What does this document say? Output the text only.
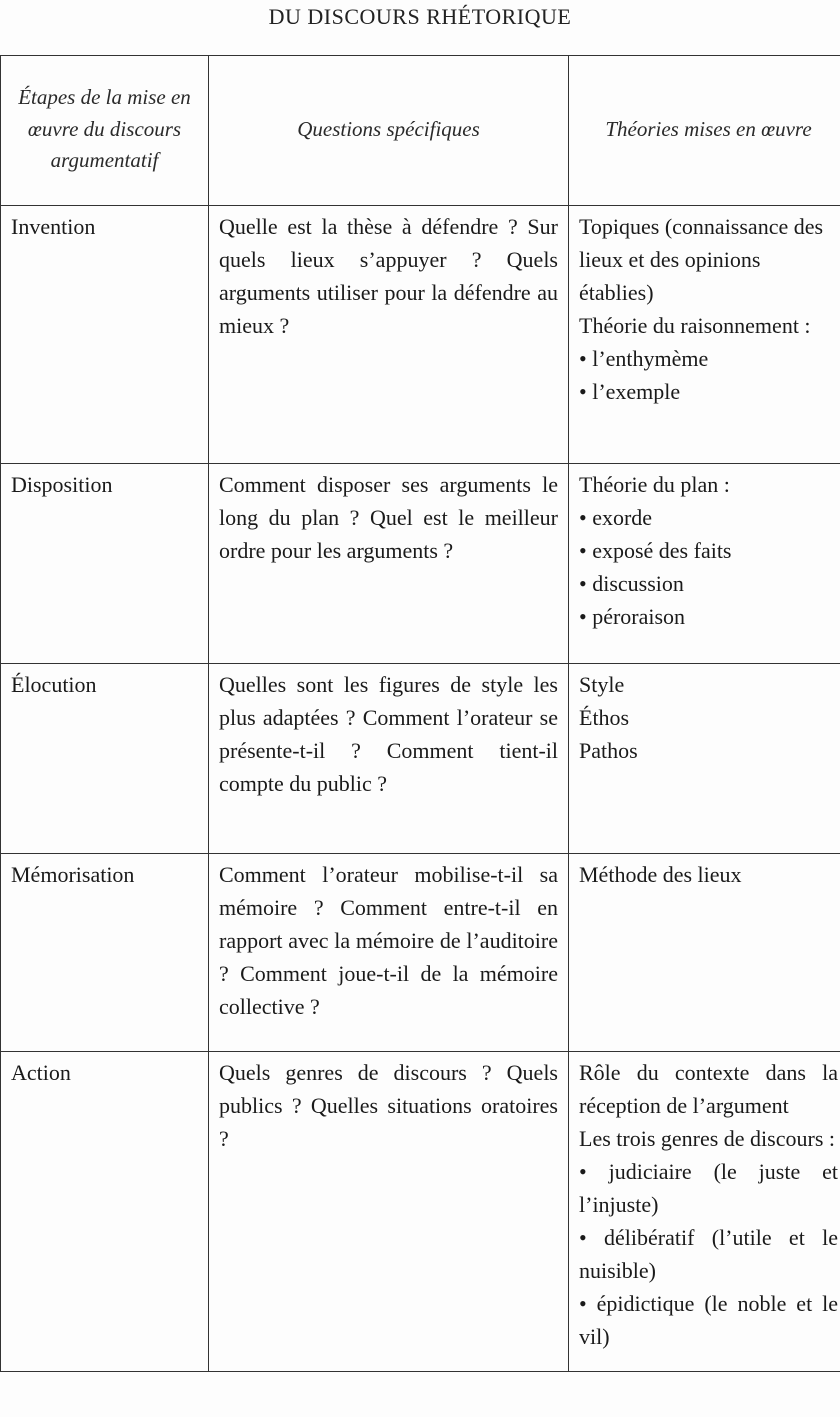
DU DISCOURS RHÉTORIQUE
Étapes de la mise en œuvre du discours argumentatif	Questions spécifiques	Théories mises en œuvre
Invention	Quelle est la thèse à défendre ? Sur quels lieux s’appuyer ? Quels arguments utiliser pour la défendre au mieux ?	Topiques (connaissance des lieux et des opinions établies)
Théorie du raisonnement :
• l’enthymème
• l’exemple

Disposition	Comment disposer ses arguments le long du plan ? Quel est le meilleur ordre pour les arguments ?	Théorie du plan :
• exorde
• exposé des faits
• discussion
• péroraison

Élocution	Quelles sont les figures de style les plus adaptées ? Comment l’orateur se présente-t-il ? Comment tient-il compte du public ?	Style
Éthos
Pathos

Mémorisation	Comment l’orateur mobilise-t-il sa mémoire ? Comment entre-t-il en rapport avec la mémoire de l’auditoire ? Comment joue-t-il de la mémoire collective ?	Méthode des lieux

Action	Quels genres de discours ? Quels publics ? Quelles situations oratoires ?	Rôle du contexte dans la réception de l’argument
Les trois genres de discours :
• judiciaire (le juste et l’injuste)
• délibératif (l’utile et le nuisible)
• épidictique (le noble et le vil)
